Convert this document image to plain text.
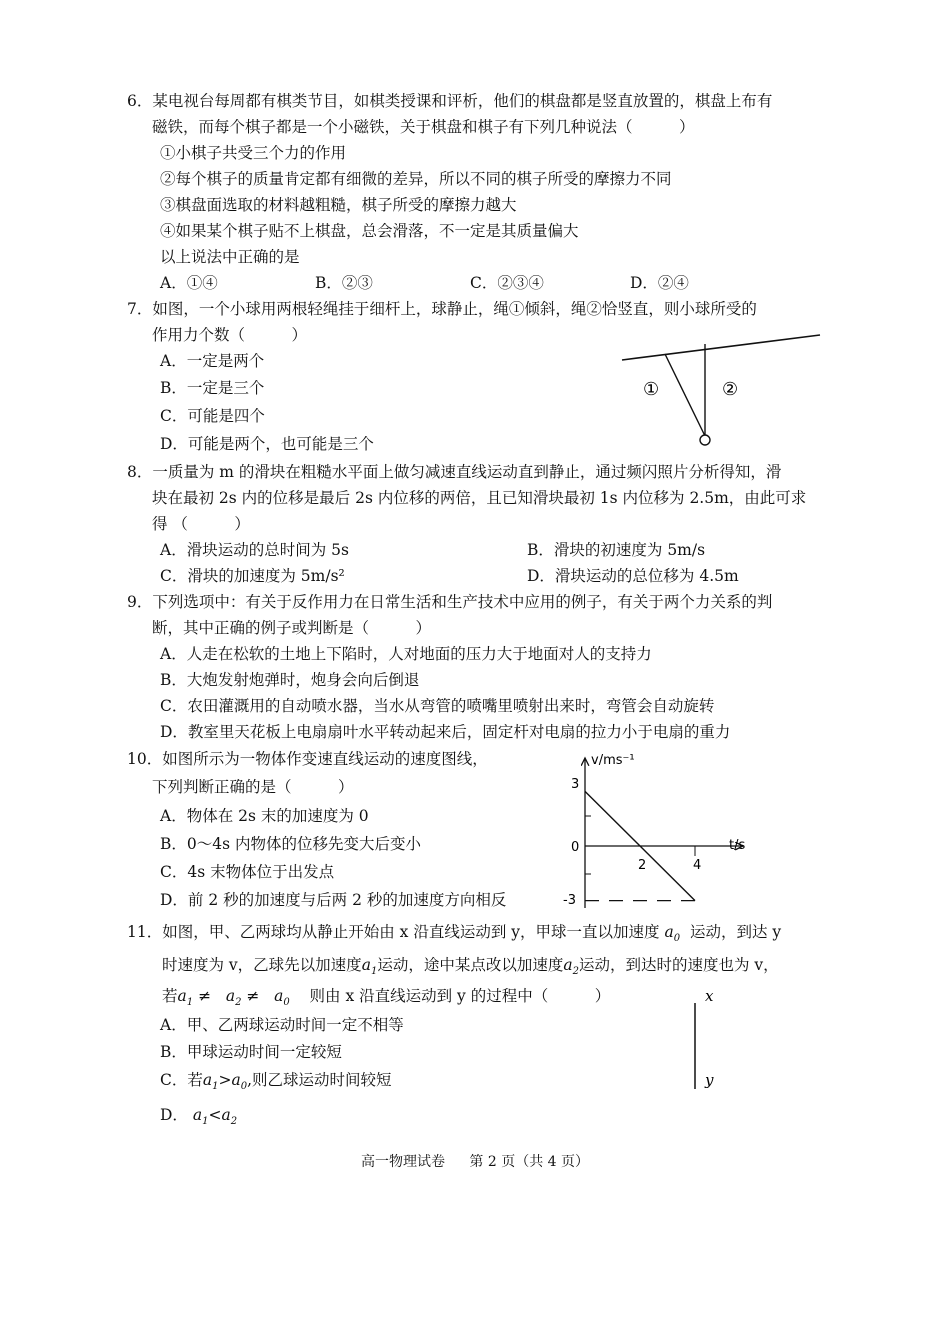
6．某电视台每周都有棋类节目，如棋类授课和评析，他们的棋盘都是竖直放置的，棋盘上布有
磁铁，而每个棋子都是一个小磁铁，关于棋盘和棋子有下列几种说法（　　　）
①小棋子共受三个力的作用
②每个棋子的质量肯定都有细微的差异，所以不同的棋子所受的摩擦力不同
③棋盘面选取的材料越粗糙，棋子所受的摩擦力越大
④如果某个棋子贴不上棋盘，总会滑落，不一定是其质量偏大
以上说法中正确的是
A．①④	B．②③	C．②③④	D．②④
7．如图，一个小球用两根轻绳挂于细杆上，球静止，绳①倾斜，绳②恰竖直，则小球所受的
作用力个数（　　　）
A．一定是两个
B．一定是三个
C．可能是四个
D．可能是两个，也可能是三个
①	②
8．一质量为 m 的滑块在粗糙水平面上做匀减速直线运动直到静止，通过频闪照片分析得知，滑
块在最初 2s 内的位移是最后 2s 内位移的两倍，且已知滑块最初 1s 内位移为 2.5m，由此可求
得 （　　　）
A．滑块运动的总时间为 5s	B．滑块的初速度为 5m/s
C．滑块的加速度为 5m/s²	D．滑块运动的总位移为 4.5m
9．下列选项中：有关于反作用力在日常生活和生产技术中应用的例子，有关于两个力关系的判
断，其中正确的例子或判断是（　　　）
A．人走在松软的土地上下陷时，人对地面的压力大于地面对人的支持力
B．大炮发射炮弹时，炮身会向后倒退
C．农田灌溉用的自动喷水器，当水从弯管的喷嘴里喷射出来时，弯管会自动旋转
D．教室里天花板上电扇扇叶水平转动起来后，固定杆对电扇的拉力小于电扇的重力
10．如图所示为一物体作变速直线运动的速度图线，
下列判断正确的是（　　　）
A．物体在 2s 末的加速度为 0
B．0～4s 内物体的位移先变大后变小
C．4s 末物体位于出发点
D．前 2 秒的加速度与后两 2 秒的加速度方向相反
v/ms⁻¹
t/s
3
0
-3
2	4
11．如图，甲、乙两球均从静止开始由 x 沿直线运动到 y，甲球一直以加速度 $a_0$ 运动，到达 y
时速度为 v，乙球先以加速度$a_1$运动，途中某点改以加速度$a_2$运动，到达时的速度也为 v，
若$a_1 \ne a_2 \ne a_0$ 则由 x 沿直线运动到 y 的过程中（　　　）
A．甲、乙两球运动时间一定不相等
B．甲球运动时间一定较短
C．若$a_1>a_0$,则乙球运动时间较短
D． $a_1<a_2$
x
y
高一物理试卷 第 2 页（共 4 页）
